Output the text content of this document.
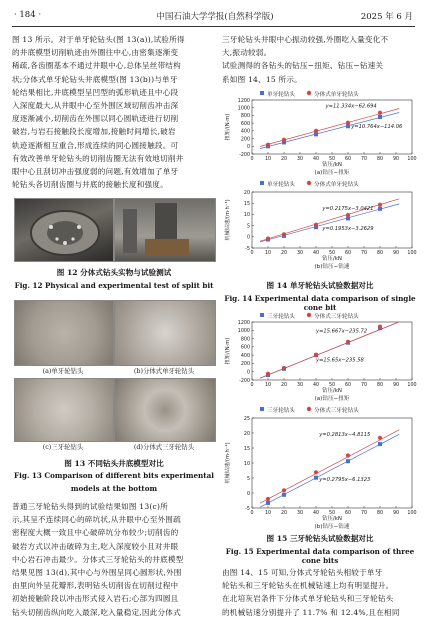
· 184 ·	中国石油大学学报(自然科学版)	2025 年 6 月
图 13 所示。对于单牙轮钻头(图 13(a)),试验所得
的井底模型切削轨迹由外圈往中心,由密集逐渐变
稀疏,各齿圈基本不通过井眼中心,总体呈丝带结构
状;分体式单牙轮钻头井底模型(图 13(b))与单牙
轮结果相比,井底模型呈凹型的弧形轨迹且中心段
入深度最大,从井眼中心至外围区域切削齿冲击深
度逐渐减小,切削齿在外围以同心圆轨迹进行切削
破岩,与岩石接触段长度增加,接触时间增长,破岩
轨迹逐渐相互重合,形成连续的同心圆接触段。可
有效改善单牙轮钻头的切削齿圈无法有效地切削井
眼中心且刮切冲击强度弱的问题,有效增加了单牙
轮钻头各切削齿圈与井底的接触长度和强度。
图 12 分体式钻头实物与试验测试
Fig. 12 Physical and experimental test of split bit
(a)单牙轮钻头	(b)分体式单牙轮钻头
(c)三牙轮钻头	(d)分体式三牙轮钻头
图 13 不同钻头井底模型对比
Fig. 13 Comparison of different bits experimental
models at the bottom
普通三牙轮钻头得到的试验结果如图 13(c)所
示,其呈不连续同心的碎坑状,从井眼中心至外围疏
密程度大概一致且中心破碎坑分布较少;切削齿的
破岩方式以冲击破碎为主,吃入深度较小且对井眼
中心岩石冲击最少。分体式三牙轮钻头的井底模型
结果见图 13(d),其中心与外围呈同心圆形状,外围
由里向外呈花瓣形,表明钻头切削齿在切削过程中
初始接触阶段以冲击形式侵入岩石;心部为四圆且
钻头切削齿纵向吃入最深,吃入量稳定,因此分体式
三牙轮钻头井眼中心振动较强,外圈吃入量变化不
大,振动较弱。
试验测得的各钻头的钻压−扭矩、钻压−钻速关
系如图 14、15 所示。
单牙轮钻头	分体式单牙轮钻头
-200
0
200
400
600
800
1000
1200
0 10 20 30 40 50 60 70 80 90 100
钻压/kN
扭矩/(N·m)
(a)钻压−扭矩
y=10.764x−114.06
y=11.334x−62.694
单牙轮钻头	分体式单牙轮钻头
-5
0
5
10
15
20
0 10 20 30 40 50 60 70 80 90 100
钻压/kN
机械钻速/(m·h⁻¹)
(b)钻压−钻速
y=0.1953x−3.2629
y=0.2175x−3.0421
图 14 单牙轮钻头试验数据对比
Fig. 14 Experimental data comparison of single cone bit
三牙轮钻头	分体式三牙轮钻头
-200
0
200
400
600
800
1000
1200
0 10 20 30 40 50 60 70 80 90 100
钻压/kN
扭矩/(N·m)
(a)钻压−扭矩
y=15.65x−235.58
y=15.667x−235.72
三牙轮钻头	分体式三牙轮钻头
-5
0
5
10
15
20
25
0 10 20 30 40 50 60 70 80 90 100
钻压/kN
机械钻速/(m·h⁻¹)
(b)钻压−钻速
y=0.2795x−6.1323
y=0.2813x−4.8115
图 15 三牙轮钻头试验数据对比
Fig. 15 Experimental data comparison of three cone bits
由图 14、15 可知,分体式牙轮钻头相较于单牙
轮钻头和三牙轮钻头在机械钻速上均有明显提升。
在北培灰岩条件下分体式单牙轮钻头和三牙轮钻头
的机械钻速分别提升了 11.7% 和 12.4%,且在相同
